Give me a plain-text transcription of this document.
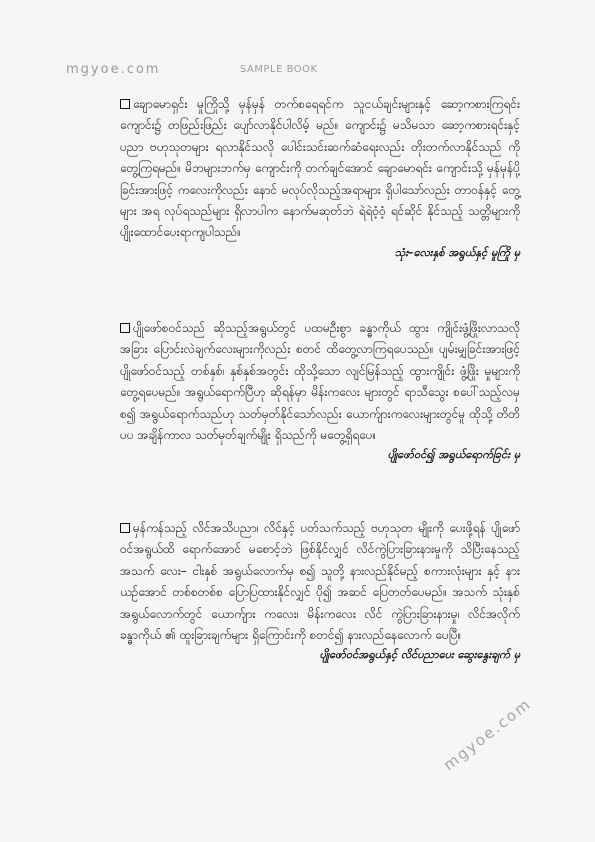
mgyoe.com	SAMPLE BOOK

ချောမောရှင်း မှုကြိုသို့ မှန်မှန် တက်စရေရင်က သူငယ်ချင်းများနှင့် ဆော့ကစားကြရင်း ကျောင်း၌ တဖြည်းဖြည်း ပျော်လာနိုင်ပါလိမ့် မည်။ ကျောင်း၌ မသိမသာ ဆော့ကစားရင်းနှင့် ပညာ ဗဟုသုတများ ရလာနိုင်သလို ပေါင်းသင်းဆက်ဆံရေးလည်း တိုးတက်လာနိုင်သည် ကို တွေ့ကြရမည်။ မိဘများဘက်မှ ကျောင်းကို တက်ချင်အောင် ချောမောရင်း ကျောင်းသို့ မှန်မှန်ပို့ခြင်းအားဖြင့် ကလေးကိုလည်း နောင် မလုပ်လိုသည့်အရာများ ရှိပါသော်လည်း တာဝန်နှင့် တွေ့များ အရ လုပ်ရသည်များ ရှိလာပါက နောက်မဆုတ်ဘဲ ရဲရဲဝံ့ဝံ့ ရင်ဆိုင် နိုင်သည့် သတ္တိများကို ပျိုးထောင်ပေးရာကျပါသည်။

သုံး–လေးနှစ် အရွယ်နှင့် မူကြို မှ

ပျိုဖော်စဝင်သည် ဆိုသည့်အရွယ်တွင် ပထမဦးစွာ ခန္ဓာကိုယ် ထွား ကျိုင်းဖွံ့ဖြိုးလာသလို အခြား ပြောင်းလဲချက်လေးများကိုလည်း စတင် ထိတွေ့လာကြရပေသည်။ ပျမ်းမျှခြင်းအားဖြင့် ပျိုဖော်ဝင်သည့် တစ်နှစ်၊ နှစ်နှစ်အတွင်း ထိုသို့သော လျင်မြန်သည့် ထွားကျိုင်း ဖွံ့ဖြိုး မှုများကို တွေ့ရပေမည်။ အရွယ်ရောက်ပြီဟု ဆိုရန်မှာ မိန်းကလေး များတွင် ရာသီသွေး စပေါ်သည့်လမှ စ၍ အရွယ်ရောက်သည်ဟု သတ်မှတ်နိုင်သော်လည်း ယောက်ျားကလေးများတွင်မူ ထိုသို့ တိတိ ပပ အချိန်ကာလ သတ်မှတ်ချက်မျိုး ရှိသည်ကို မတွေ့ရှိရပေ။

ပျိုဖော်ဝင်၍ အရွယ်ရောက်ခြင်း မှ

မှန်ကန်သည့် လိင်အသိပညာ၊ လိင်နှင့် ပတ်သက်သည့် ဗဟုသုတ မျိုးကို ပေးဖို့ရန် ပျိုဖော်ဝင်အရွယ်ထိ ရောက်အောင် မစောင့်ဘဲ ဖြစ်နိုင်လျှင် လိင်ကွဲပြားခြားနားမှုကို သိပြီးနေသည့် အသက် လေး– ငါးနှစ် အရွယ်လောက်မှ စ၍ သူတို့ နားလည်နိုင်မည့် စကားလုံးများ နှင့် နားယဉ်အောင် တစ်စတစ်စ ပြောပြထားနိုင်လျှင် ပို၍ အဆင် ပြေတတ်ပေမည်။ အသက် သုံးနှစ်အရွယ်လောက်တွင် ယောက်ျား ကလေး၊ မိန်းကလေး လိင် ကွဲပြားခြားနားမှု၊ လိင်အလိုက် ခန္ဓာကိုယ် ၏ ထူးခြားချက်များ ရှိကြောင်းကို စတင်၍ နားလည်နေလောက် ပေပြီ။

ပျိုဖော်ဝင်အရွယ်နှင့် လိင်ပညာပေး ဆွေးနွေးချက် မှ
mgyoe.com
